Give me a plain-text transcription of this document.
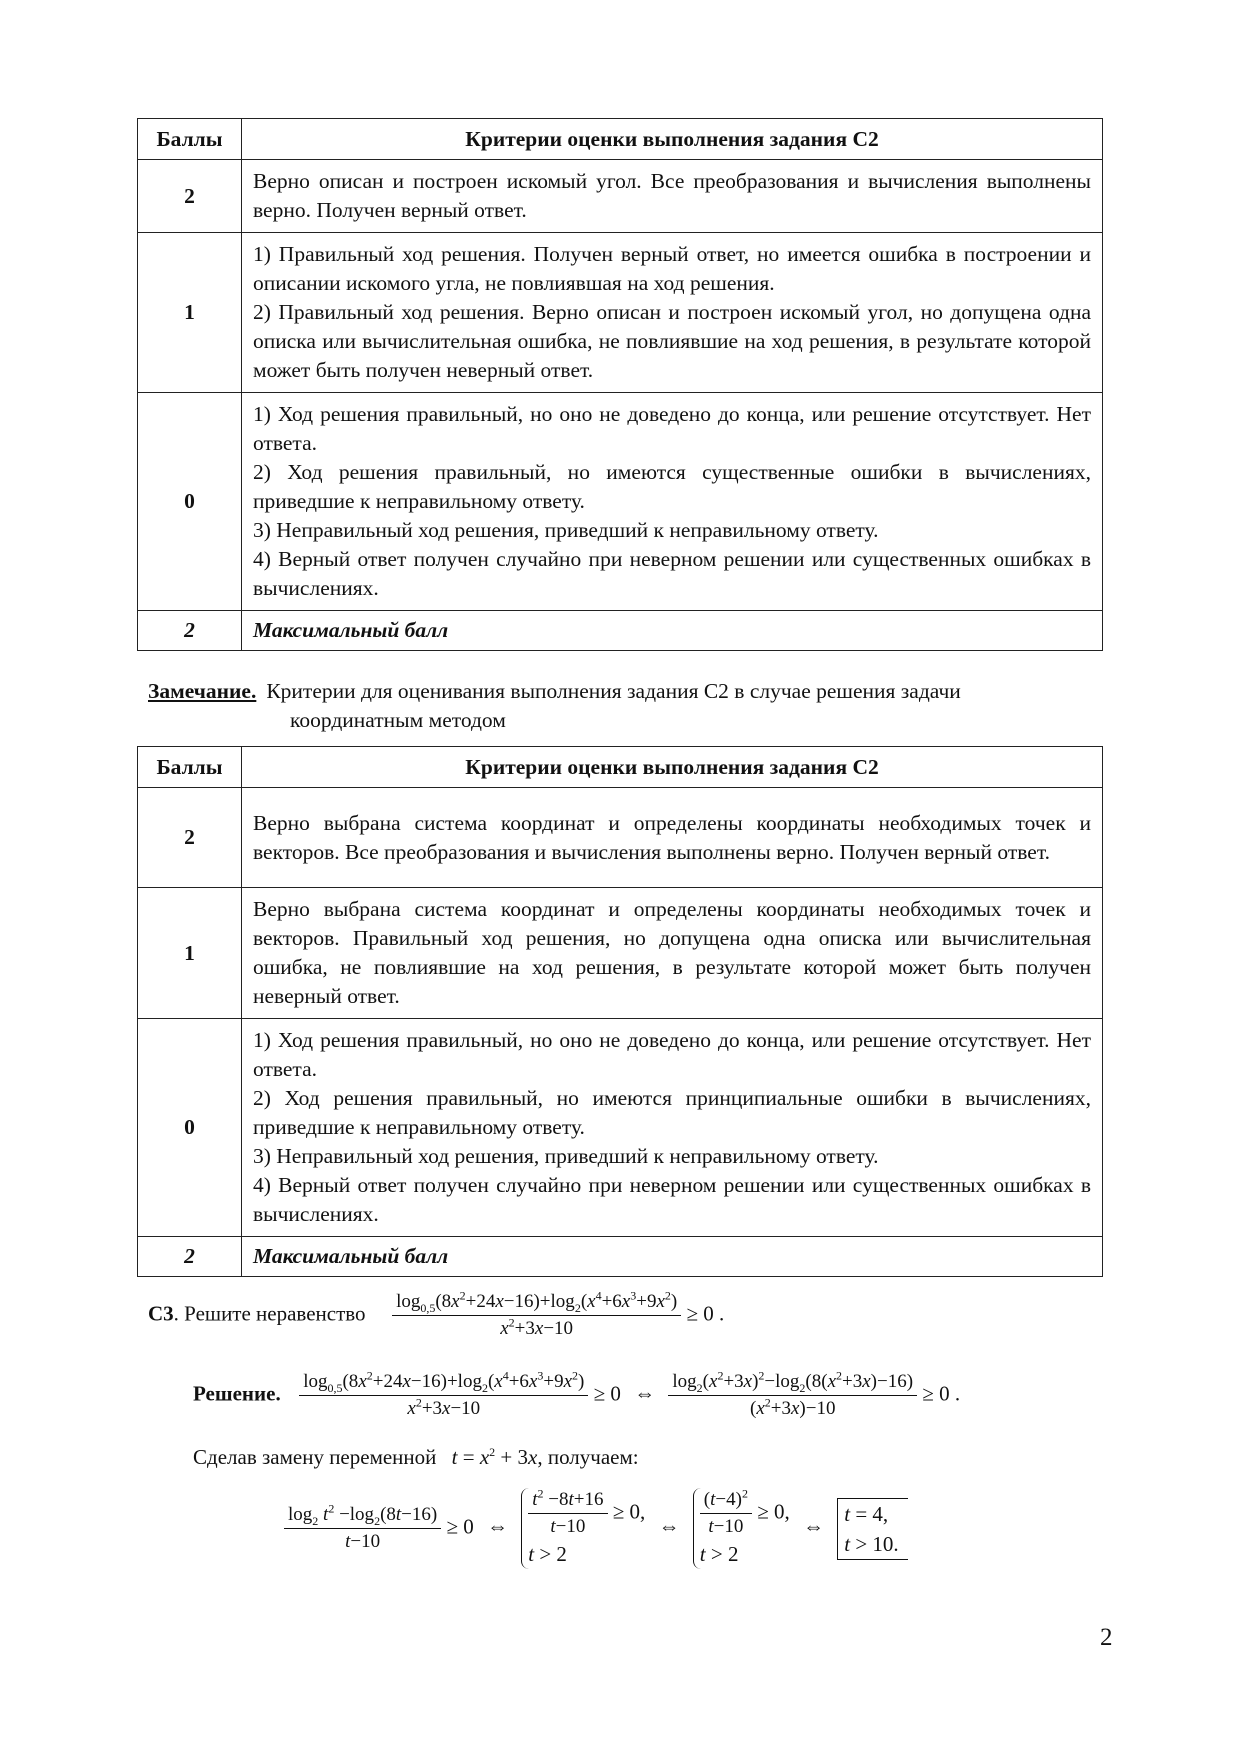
Баллы	Критерии оценки выполнения задания С2
2	Верно описан и построен искомый угол. Все преобразования и вычисления выполнены верно. Получен верный ответ.

1	1) Правильный ход решения. Получен верный ответ, но имеется ошибка в построении и описании искомого угла, не повлиявшая на ход решения.

2) Правильный ход решения. Верно описан и построен искомый угол, но допущена одна описка или вычислительная ошибка, не повлиявшие на ход решения, в результате которой может быть получен неверный ответ.

0	1) Ход решения правильный, но оно не доведено до конца, или решение отсутствует. Нет ответа.

2) Ход решения правильный, но имеются существенные ошибки в вычислениях, приведшие к неправильному ответу.

3) Неправильный ход решения, приведший к неправильному ответу.

4) Верный ответ получен случайно при неверном решении или существенных ошибках в вычислениях.

2	Максимальный балл
Замечание. Критерии для оценивания выполнения задания С2 в случае решения задачи
координатным методом
Баллы	Критерии оценки выполнения задания С2
2	Верно выбрана система координат и определены координаты необходимых точек и векторов. Все преобразования и вычисления выполнены верно. Получен верный ответ.

1	Верно выбрана система координат и определены координаты необходимых точек и векторов. Правильный ход решения, но допущена одна описка или вычислительная ошибка, не повлиявшие на ход решения, в результате которой может быть получен неверный ответ.

0	1) Ход решения правильный, но оно не доведено до конца, или решение отсутствует. Нет ответа.

2) Ход решения правильный, но имеются принципиальные ошибки в вычислениях, приведшие к неправильному ответу.

3) Неправильный ход решения, приведший к неправильному ответу.

4) Верный ответ получен случайно при неверном решении или существенных ошибках в вычислениях.

2	Максимальный балл
С3. Решите неравенство $\frac{\log_{0,5}(8x^2+24x-16)+\log_2(x^4+6x^3+9x^2)}{x^2+3x-10} \ge 0$ .
Решение. $\frac{\log_{0,5}(8x^2+24x-16)+\log_2(x^4+6x^3+9x^2)}{x^2+3x-10} \ge 0$ ⇔ $\frac{\log_2(x^2+3x)^2-\log_2(8(x^2+3x)-16)}{(x^2+3x)-10} \ge 0$ .
Сделав замену переменной $t = x^2 + 3x$, получаем:
$\frac{\log_2 t^2 -\log_2(8t-16)}{t-10} \ge 0$ ⇔ $\frac{t^2 -8t+16}{t-10} \ge 0$,
t > 2
⇔ $\frac{(t-4)^2}{t-10} \ge 0$,
t > 2
⇔
t = 4,
t > 10.
2
